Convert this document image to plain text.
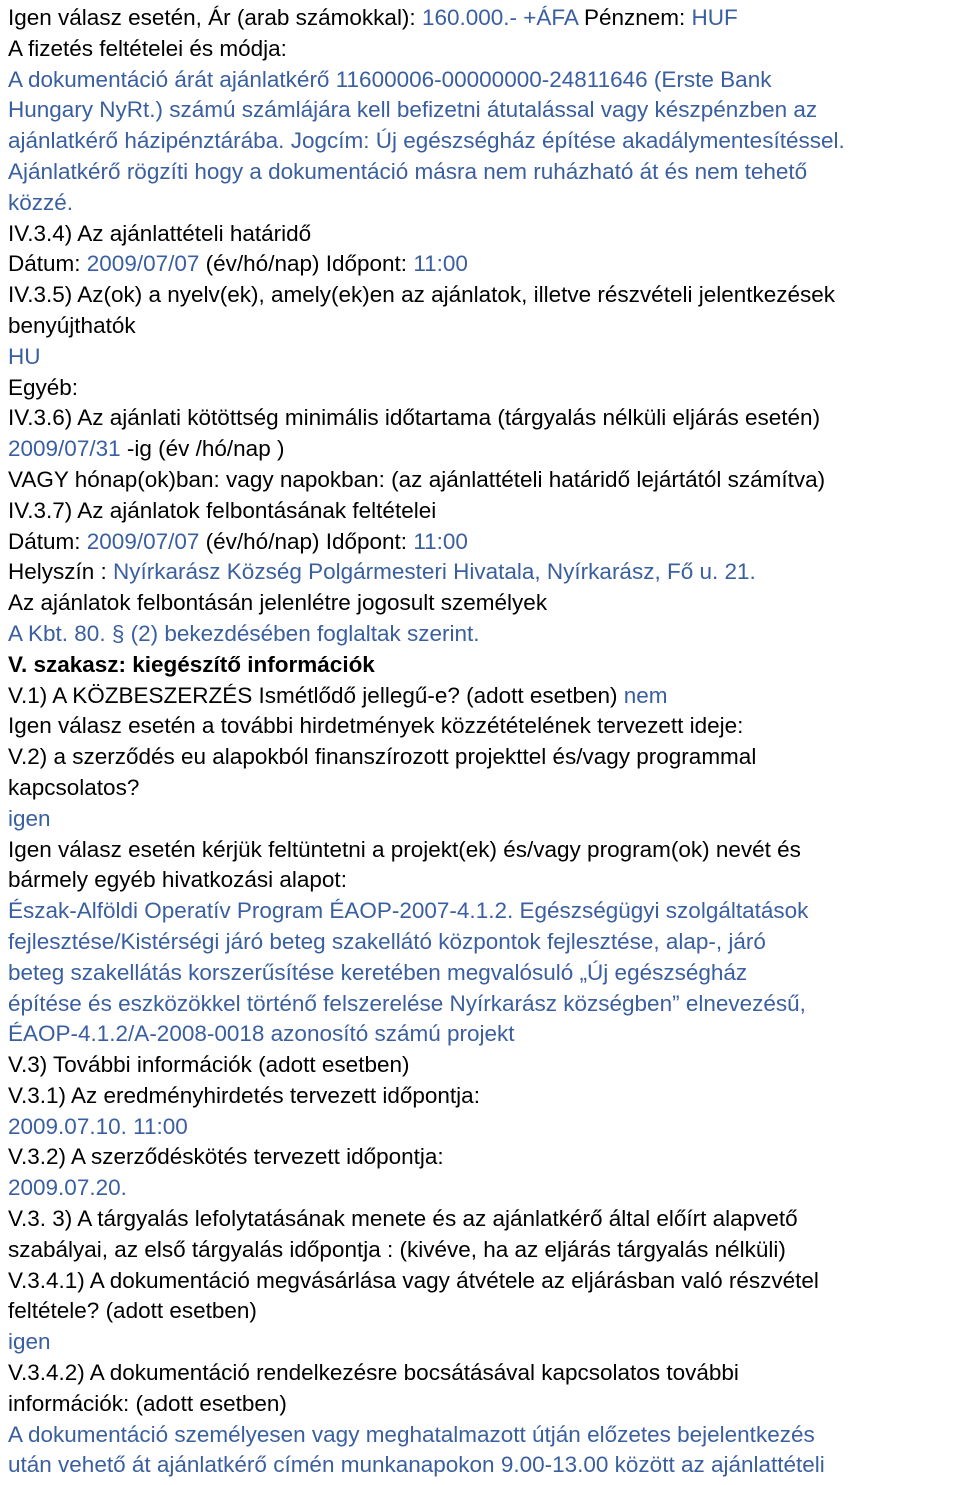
Igen válasz esetén, Ár (arab számokkal): 160.000.- +ÁFA Pénznem: HUF
A fizetés feltételei és módja:
A dokumentáció árát ajánlatkérő 11600006-00000000-24811646 (Erste Bank
Hungary NyRt.) számú számlájára kell befizetni átutalással vagy készpénzben az
ajánlatkérő házipénztárába. Jogcím: Új egészségház építése akadálymentesítéssel.
Ajánlatkérő rögzíti hogy a dokumentáció másra nem ruházható át és nem tehető
közzé.
IV.3.4) Az ajánlattételi határidő
Dátum: 2009/07/07 (év/hó/nap) Időpont: 11:00
IV.3.5) Az(ok) a nyelv(ek), amely(ek)en az ajánlatok, illetve részvételi jelentkezések
benyújthatók
HU
Egyéb:
IV.3.6) Az ajánlati kötöttség minimális időtartama (tárgyalás nélküli eljárás esetén)
2009/07/31 -ig (év /hó/nap )
VAGY hónap(ok)ban: vagy napokban: (az ajánlattételi határidő lejártától számítva)
IV.3.7) Az ajánlatok felbontásának feltételei
Dátum: 2009/07/07 (év/hó/nap) Időpont: 11:00
Helyszín : Nyírkarász Község Polgármesteri Hivatala, Nyírkarász, Fő u. 21.
Az ajánlatok felbontásán jelenlétre jogosult személyek
A Kbt. 80. § (2) bekezdésében foglaltak szerint.
V. szakasz: kiegészítő információk
V.1) A KÖZBESZERZÉS Ismétlődő jellegű-e? (adott esetben) nem
Igen válasz esetén a további hirdetmények közzétételének tervezett ideje:
V.2) a szerződés eu alapokból finanszírozott projekttel és/vagy programmal
kapcsolatos?
igen
Igen válasz esetén kérjük feltüntetni a projekt(ek) és/vagy program(ok) nevét és
bármely egyéb hivatkozási alapot:
Észak-Alföldi Operatív Program ÉAOP-2007-4.1.2. Egészségügyi szolgáltatások
fejlesztése/Kistérségi járó beteg szakellátó központok fejlesztése, alap-, járó
beteg szakellátás korszerűsítése keretében megvalósuló „Új egészségház
építése és eszközökkel történő felszerelése Nyírkarász községben” elnevezésű,
ÉAOP-4.1.2/A-2008-0018 azonosító számú projekt
V.3) További információk (adott esetben)
V.3.1) Az eredményhirdetés tervezett időpontja:
2009.07.10. 11:00
V.3.2) A szerződéskötés tervezett időpontja:
2009.07.20.
V.3. 3) A tárgyalás lefolytatásának menete és az ajánlatkérő által előírt alapvető
szabályai, az első tárgyalás időpontja : (kivéve, ha az eljárás tárgyalás nélküli)
V.3.4.1) A dokumentáció megvásárlása vagy átvétele az eljárásban való részvétel
feltétele? (adott esetben)
igen
V.3.4.2) A dokumentáció rendelkezésre bocsátásával kapcsolatos további
információk: (adott esetben)
A dokumentáció személyesen vagy meghatalmazott útján előzetes bejelentkezés
után vehető át ajánlatkérő címén munkanapokon 9.00-13.00 között az ajánlattételi
